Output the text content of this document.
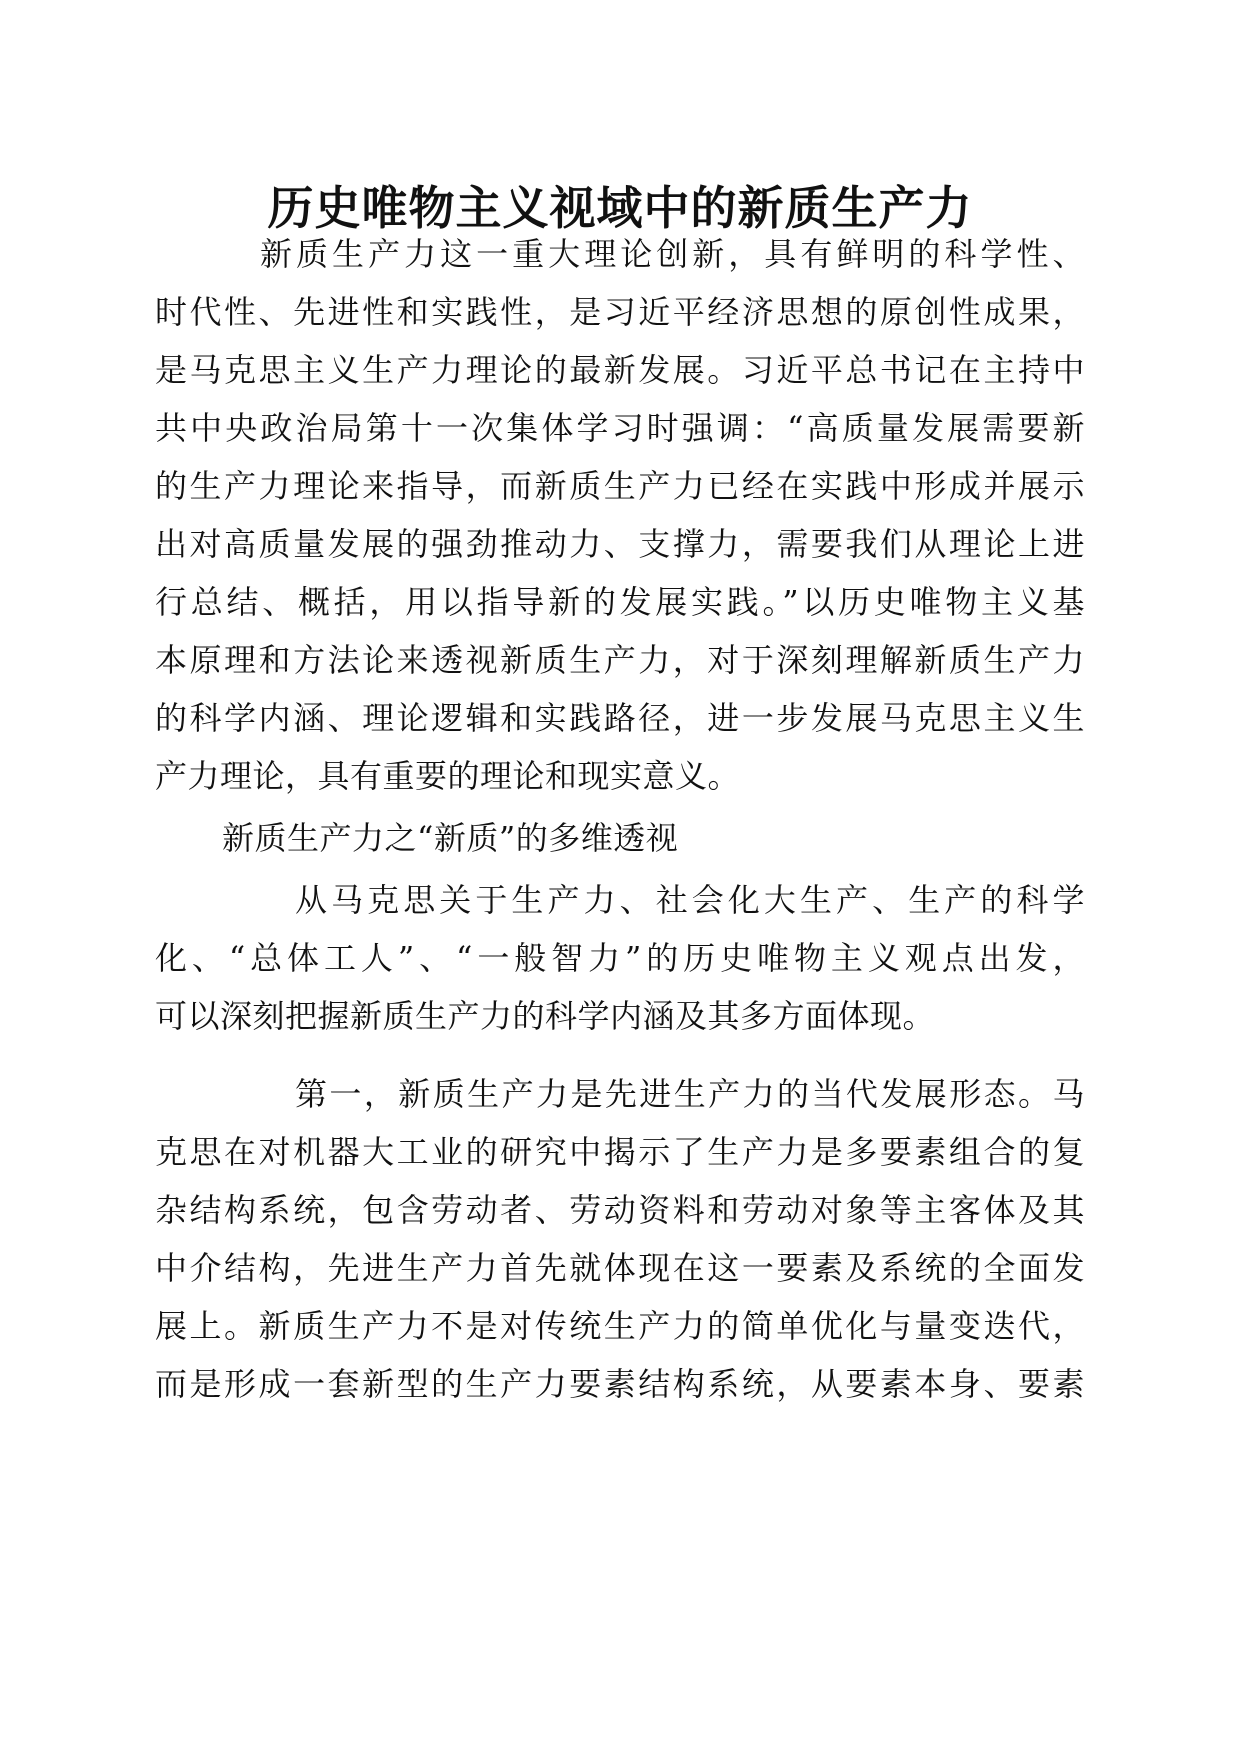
历史唯物主义视域中的新质生产力
新质生产力这一重大理论创新，具有鲜明的科学性、
时代性、先进性和实践性，是习近平经济思想的原创性成果，
是马克思主义生产力理论的最新发展。习近平总书记在主持中
共中央政治局第十一次集体学习时强调：“高质量发展需要新
的生产力理论来指导，而新质生产力已经在实践中形成并展示
出对高质量发展的强劲推动力、支撑力，需要我们从理论上进
行总结、概括，用以指导新的发展实践。”以历史唯物主义基
本原理和方法论来透视新质生产力，对于深刻理解新质生产力
的科学内涵、理论逻辑和实践路径，进一步发展马克思主义生
产力理论，具有重要的理论和现实意义。
新质生产力之“新质”的多维透视
从马克思关于生产力、社会化大生产、生产的科学
化、“总体工人”、“一般智力”的历史唯物主义观点出发，
可以深刻把握新质生产力的科学内涵及其多方面体现。
第一，新质生产力是先进生产力的当代发展形态。马
克思在对机器大工业的研究中揭示了生产力是多要素组合的复
杂结构系统，包含劳动者、劳动资料和劳动对象等主客体及其
中介结构，先进生产力首先就体现在这一要素及系统的全面发
展上。新质生产力不是对传统生产力的简单优化与量变迭代，
而是形成一套新型的生产力要素结构系统，从要素本身、要素
